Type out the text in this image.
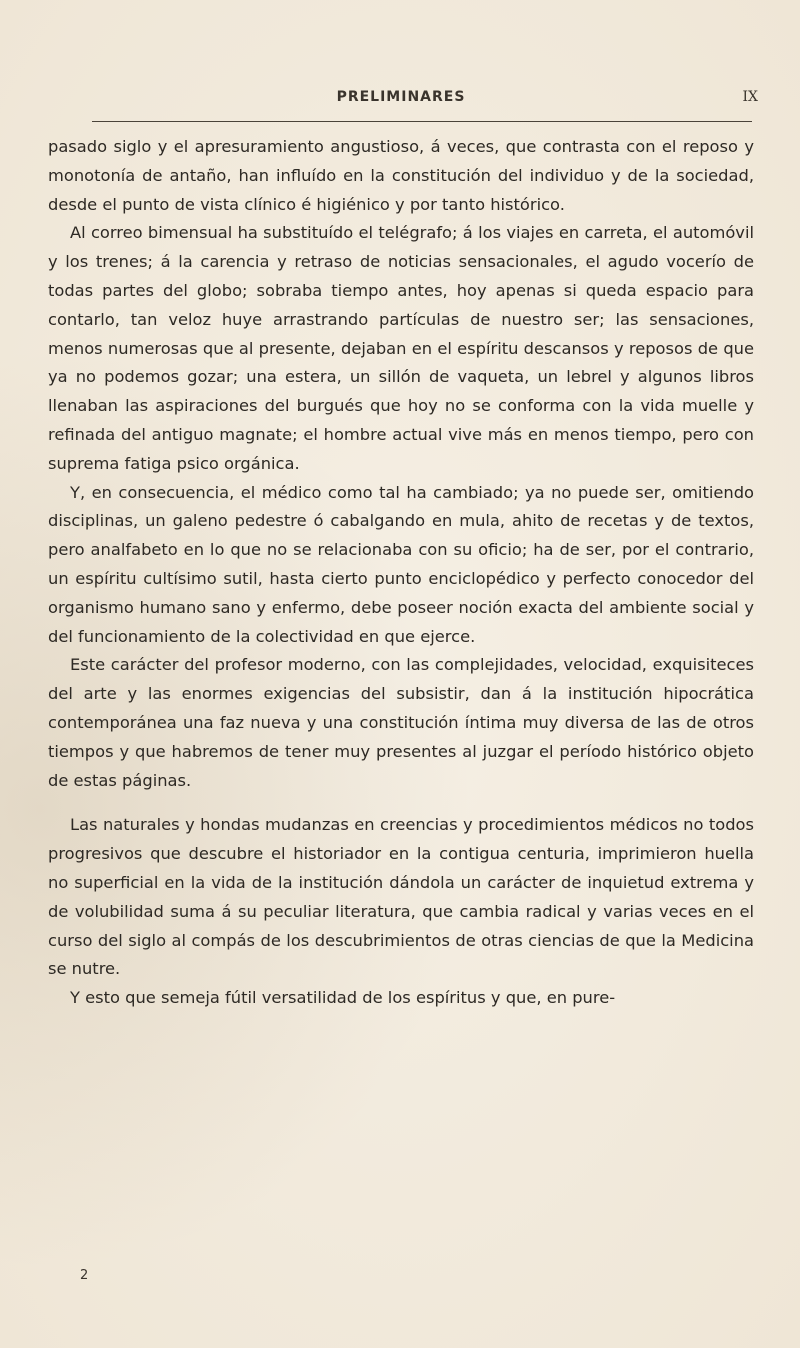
PRELIMINARES	IX

pasado siglo y el apresuramiento angustioso, á veces, que contrasta con el reposo y monotonía de antaño, han influído en la constitución del individuo y de la sociedad, desde el punto de vista clínico é higiénico y por tanto histórico.

Al correo bimensual ha substituído el telégrafo; á los viajes en carreta, el automóvil y los trenes; á la carencia y retraso de noticias sensacionales, el agudo vocerío de todas partes del globo; sobraba tiempo antes, hoy apenas si queda espacio para contarlo, tan veloz huye arrastrando partículas de nuestro ser; las sensaciones, menos numerosas que al presente, dejaban en el espíritu descansos y reposos de que ya no podemos gozar; una estera, un sillón de vaqueta, un lebrel y algunos libros llenaban las aspiraciones del burgués que hoy no se conforma con la vida muelle y refinada del antiguo magnate; el hombre actual vive más en menos tiempo, pero con suprema fatiga psico orgánica.

Y, en consecuencia, el médico como tal ha cambiado; ya no puede ser, omitiendo disciplinas, un galeno pedestre ó cabalgando en mula, ahito de recetas y de textos, pero analfabeto en lo que no se relacionaba con su oficio; ha de ser, por el contrario, un espíritu cultísimo sutil, hasta cierto punto enciclopédico y perfecto conocedor del organismo humano sano y enfermo, debe poseer noción exacta del ambiente social y del funcionamiento de la colectividad en que ejerce.

Este carácter del profesor moderno, con las complejidades, velocidad, exquisiteces del arte y las enormes exigencias del subsistir, dan á la institución hipocrática contemporánea una faz nueva y una constitución íntima muy diversa de las de otros tiempos y que habremos de tener muy presentes al juzgar el período histórico objeto de estas páginas.

Las naturales y hondas mudanzas en creencias y procedimientos médicos no todos progresivos que descubre el historiador en la contigua centuria, imprimieron huella no superficial en la vida de la institución dándola un carácter de inquietud extrema y de volubilidad suma á su peculiar literatura, que cambia radical y varias veces en el curso del siglo al compás de los descubrimientos de otras ciencias de que la Medicina se nutre.

Y esto que semeja fútil versatilidad de los espíritus y que, en pure-

2
